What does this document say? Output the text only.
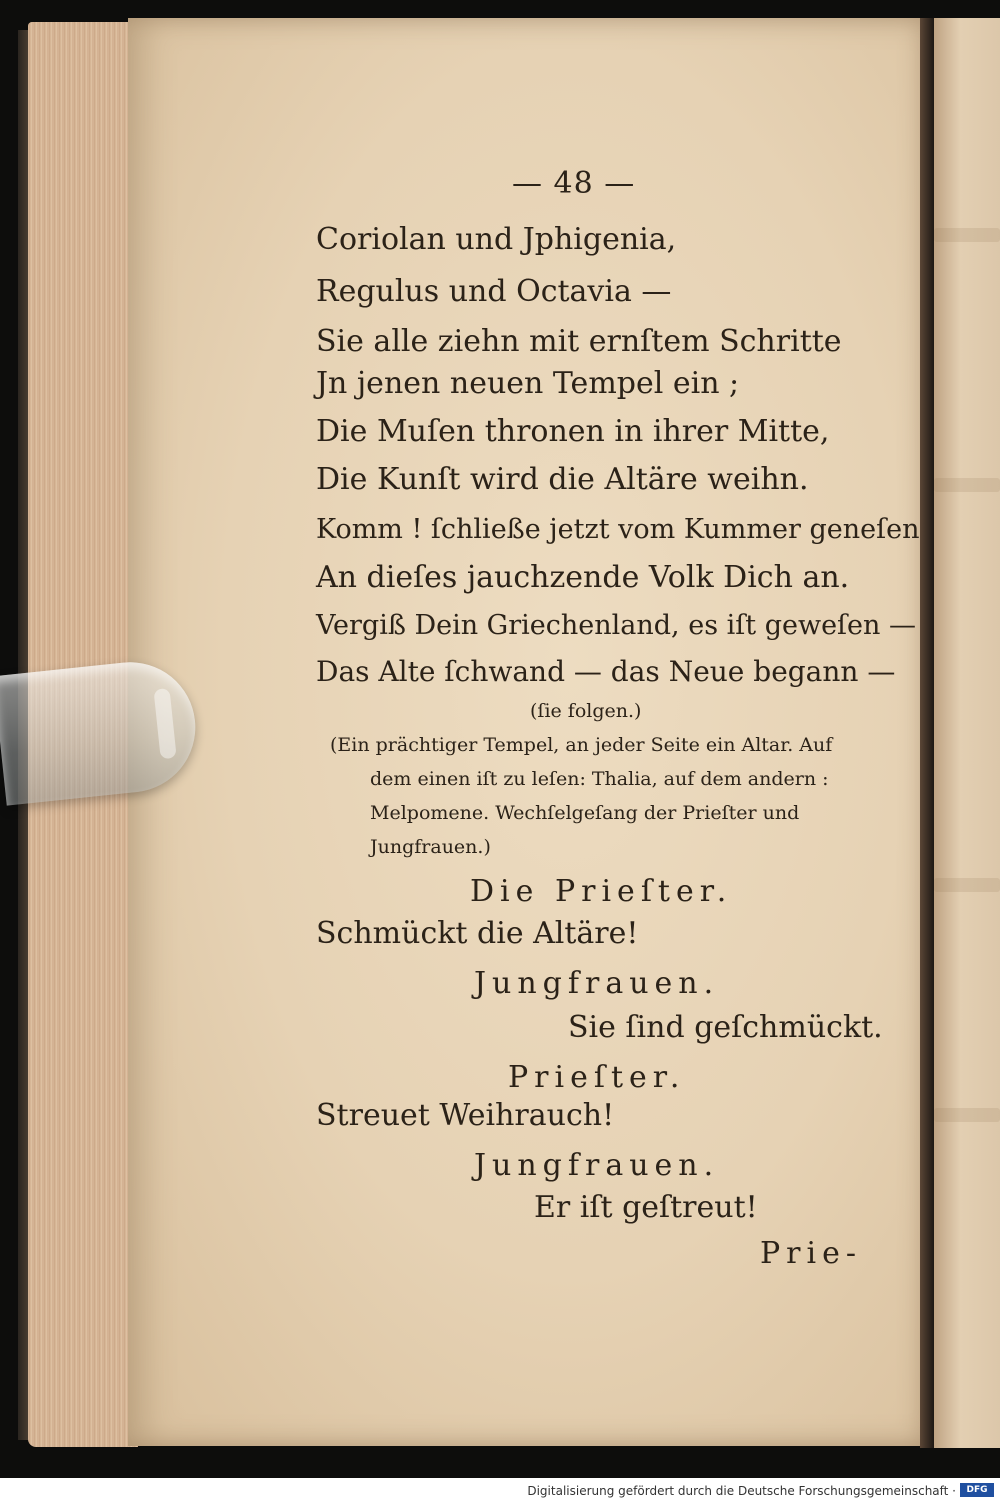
— 48 —
Coriolan und Jphigenia,
Regulus und Octavia —
Sie alle ziehn mit ernſtem Schritte
Jn jenen neuen Tempel ein ;
Die Muſen thronen in ihrer Mitte,
Die Kunſt wird die Altäre weihn.
Komm ! ſchließe jetzt vom Kummer geneſen
An dieſes jauchzende Volk Dich an.
Vergiß Dein Griechenland, es iſt geweſen —
Das Alte ſchwand — das Neue begann —
(ſie folgen.)
(Ein prächtiger Tempel, an jeder Seite ein Altar. Auf
dem einen iſt zu leſen: Thalia, auf dem andern :
Melpomene. Wechſelgeſang der Prieſter und
Jungfrauen.)
Die Prieſter.
Schmückt die Altäre!
Jungfrauen.
Sie ſind geſchmückt.
Prieſter.
Streuet Weihrauch!
Jungfrauen.
Er iſt geſtreut!
Prie-
Digitalisierung gefördert durch die Deutsche Forschungsgemeinschaft ·	DFG
